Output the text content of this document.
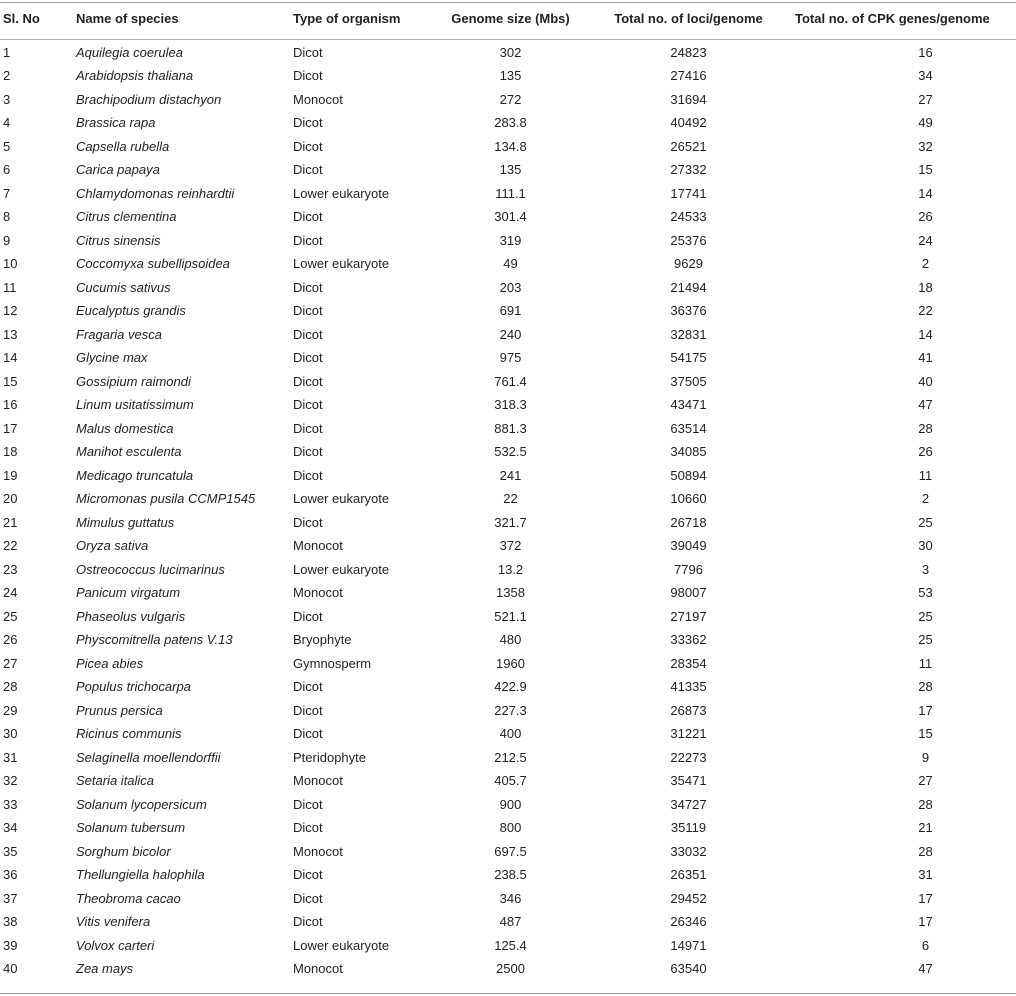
Sl. No	Name of species	Type of organism	Genome size (Mbs)	Total no. of loci/genome	Total no. of CPK genes/genome
1	Aquilegia coerulea	Dicot	302	24823	16
2	Arabidopsis thaliana	Dicot	135	27416	34
3	Brachipodium distachyon	Monocot	272	31694	27
4	Brassica rapa	Dicot	283.8	40492	49
5	Capsella rubella	Dicot	134.8	26521	32
6	Carica papaya	Dicot	135	27332	15
7	Chlamydomonas reinhardtii	Lower eukaryote	111.1	17741	14
8	Citrus clementina	Dicot	301.4	24533	26
9	Citrus sinensis	Dicot	319	25376	24
10	Coccomyxa subellipsoidea	Lower eukaryote	49	9629	2
11	Cucumis sativus	Dicot	203	21494	18
12	Eucalyptus grandis	Dicot	691	36376	22
13	Fragaria vesca	Dicot	240	32831	14
14	Glycine max	Dicot	975	54175	41
15	Gossipium raimondi	Dicot	761.4	37505	40
16	Linum usitatissimum	Dicot	318.3	43471	47
17	Malus domestica	Dicot	881.3	63514	28
18	Manihot esculenta	Dicot	532.5	34085	26
19	Medicago truncatula	Dicot	241	50894	11
20	Micromonas pusila CCMP1545	Lower eukaryote	22	10660	2
21	Mimulus guttatus	Dicot	321.7	26718	25
22	Oryza sativa	Monocot	372	39049	30
23	Ostreococcus lucimarinus	Lower eukaryote	13.2	7796	3
24	Panicum virgatum	Monocot	1358	98007	53
25	Phaseolus vulgaris	Dicot	521.1	27197	25
26	Physcomitrella patens V.13	Bryophyte	480	33362	25
27	Picea abies	Gymnosperm	1960	28354	11
28	Populus trichocarpa	Dicot	422.9	41335	28
29	Prunus persica	Dicot	227.3	26873	17
30	Ricinus communis	Dicot	400	31221	15
31	Selaginella moellendorffii	Pteridophyte	212.5	22273	9
32	Setaria italica	Monocot	405.7	35471	27
33	Solanum lycopersicum	Dicot	900	34727	28
34	Solanum tubersum	Dicot	800	35119	21
35	Sorghum bicolor	Monocot	697.5	33032	28
36	Thellungiella halophila	Dicot	238.5	26351	31
37	Theobroma cacao	Dicot	346	29452	17
38	Vitis venifera	Dicot	487	26346	17
39	Volvox carteri	Lower eukaryote	125.4	14971	6
40	Zea mays	Monocot	2500	63540	47
